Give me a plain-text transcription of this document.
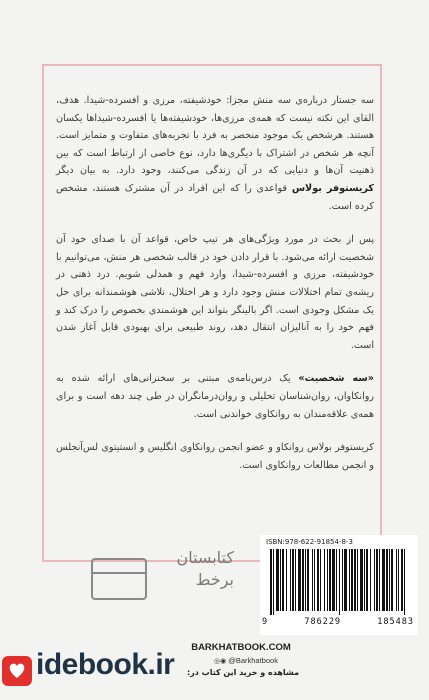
سه جستار درباره‌ی سه منش مجزا: خودشیفته، مرزی و افسرده-شیدا. هدف، القای این نکته نیست که همه‌ی مرزی‌ها، خودشیفته‌ها یا افسرده-شیداها یکسان هستند. هرشخص یک موجود منحصر به فرد با تجربه‌های متفاوت و متمایز است. آنچه هر شخص در اشتراک با دیگری‌ها دارد، نوع خاصی از ارتباط است که بین ذهنیت آن‌ها و دنیایی که در آن زندگی می‌کنند، وجود دارد. به بیان دیگر کریستوفر بولاس قواعدی را که این افراد در آن مشترک هستند، مشخص کرده است.

پس از بحث در مورد ویژگی‌های هر تیپ خاص، قواعد آن با صدای خود آن شخصیت ارائه می‌شود. با قرار دادن خود در قالب شخصی هر منش، می‌توانیم با خودشیفته، مرزی و افسرده-شیدا، وارد فهم و همدلی شویم. درد ذهنی در ریشه‌ی تمام اختلالات منش وجود دارد و هر اختلال، تلاشی هوشمندانه برای حل یک مشکل وجودی است. اگر بالینگر بتواند این هوشمندی بخصوص را درک کند و فهم خود را به آنالیزان انتقال دهد، روند طبیعی برای بهبودی قابل آغاز شدن است.

«سه شخصیت» یک درس‌نامه‌ی مبتنی بر سخنرانی‌های ارائه شده به روانکاوان، روان‌شناسان تحلیلی و روان‌درمانگران در طی چند دهه است و برای همه‌ی علاقه‌مندان به روانکاوی خواندنی است.

کریستوفر بولاس روانکاو و عضو انجمن روانکاوی انگلیس و انستیتوی لس‌آنجلس و انجمن مطالعات روانکاوی است.

کتابستان
برخط
ISBN:978-622-91854-8-3
9	786229	185483
BARKHATBOOK.COM
◎◉ @Barkhatbook
مشاهده و خرید این کتاب در:
idebook.ir
